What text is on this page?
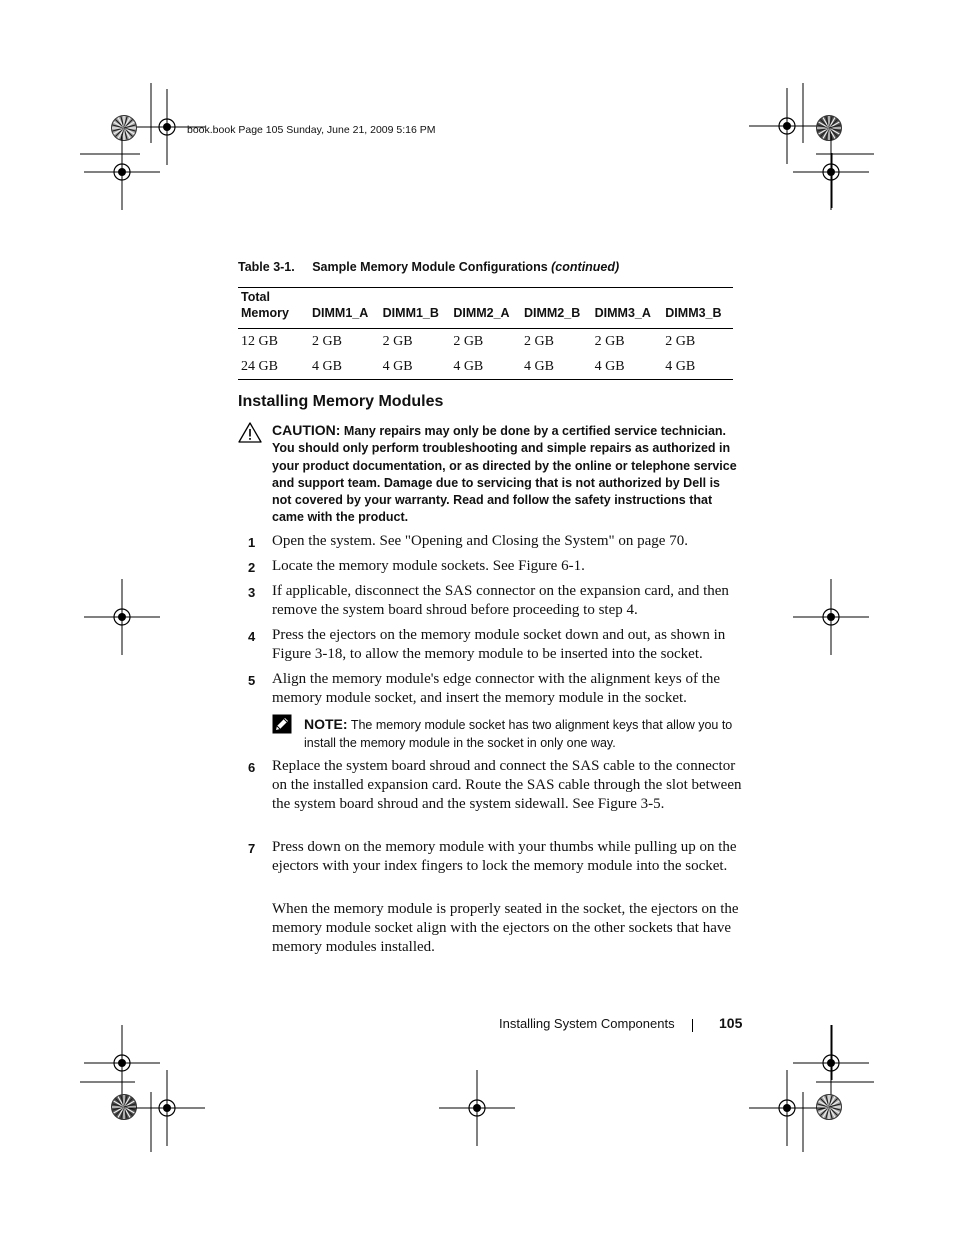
book.book Page 105 Sunday, June 21, 2009 5:16 PM
Table 3-1. Sample Memory Module Configurations (continued)
Total
Memory	DIMM1_A	DIMM1_B	DIMM2_A	DIMM2_B	DIMM3_A	DIMM3_B
12 GB	2 GB	2 GB	2 GB	2 GB	2 GB	2 GB
24 GB	4 GB	4 GB	4 GB	4 GB	4 GB	4 GB
Installing Memory Modules
CAUTION: Many repairs may only be done by a certified service technician. You should only perform troubleshooting and simple repairs as authorized in your product documentation, or as directed by the online or telephone service and support team. Damage due to servicing that is not authorized by Dell is not covered by your warranty. Read and follow the safety instructions that came with the product.
1 Open the system. See "Opening and Closing the System" on page 70.
2 Locate the memory module sockets. See Figure 6-1.
3 If applicable, disconnect the SAS connector on the expansion card, and then remove the system board shroud before proceeding to step 4.
4 Press the ejectors on the memory module socket down and out, as shown in Figure 3-18, to allow the memory module to be inserted into the socket.
5 Align the memory module's edge connector with the alignment keys of the memory module socket, and insert the memory module in the socket.
NOTE: The memory module socket has two alignment keys that allow you to install the memory module in the socket in only one way.
6 Replace the system board shroud and connect the SAS cable to the connector on the installed expansion card. Route the SAS cable through the slot between the system board shroud and the system sidewall. See Figure 3-5.
7 Press down on the memory module with your thumbs while pulling up on the ejectors with your index fingers to lock the memory module into the socket.
When the memory module is properly seated in the socket, the ejectors on the memory module socket align with the ejectors on the other sockets that have memory modules installed.
Installing System Components	105
